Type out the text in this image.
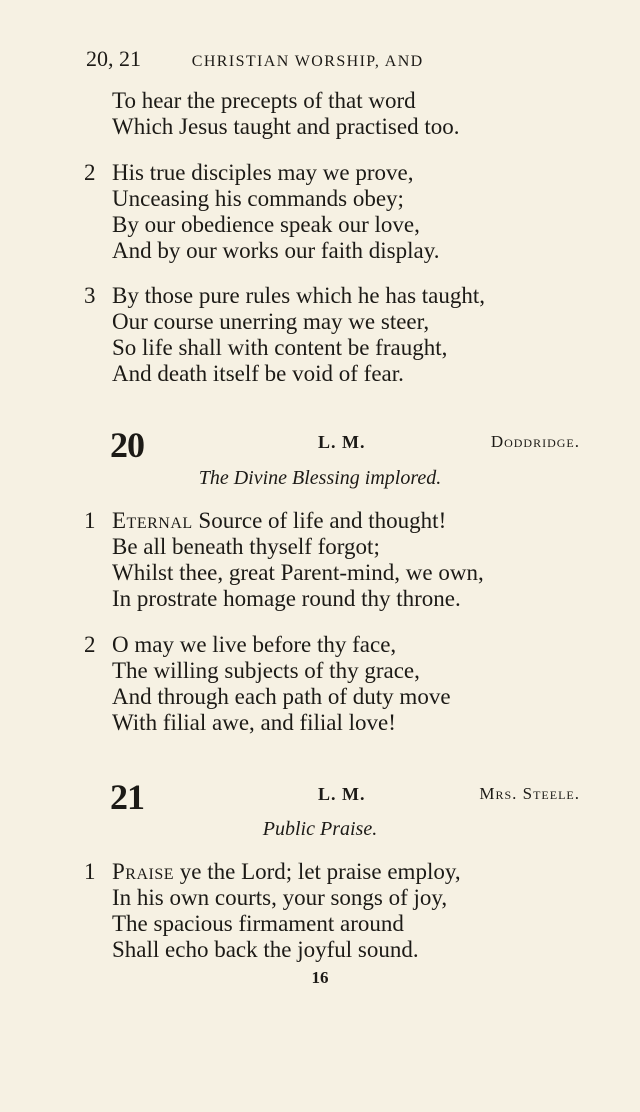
20, 21	CHRISTIAN WORSHIP, AND
To hear the precepts of that word
Which Jesus taught and practised too.
2 His true disciples may we prove,
Unceasing his commands obey;
By our obedience speak our love,
And by our works our faith display.
3 By those pure rules which he has taught,
Our course unerring may we steer,
So life shall with content be fraught,
And death itself be void of fear.
20	L. M.	Doddridge.
The Divine Blessing implored.
1 Eternal Source of life and thought!
Be all beneath thyself forgot;
Whilst thee, great Parent-mind, we own,
In prostrate homage round thy throne.
2 O may we live before thy face,
The willing subjects of thy grace,
And through each path of duty move
With filial awe, and filial love!
21	L. M.	Mrs. Steele.
Public Praise.
1 Praise ye the Lord; let praise employ,
In his own courts, your songs of joy,
The spacious firmament around
Shall echo back the joyful sound.
16
